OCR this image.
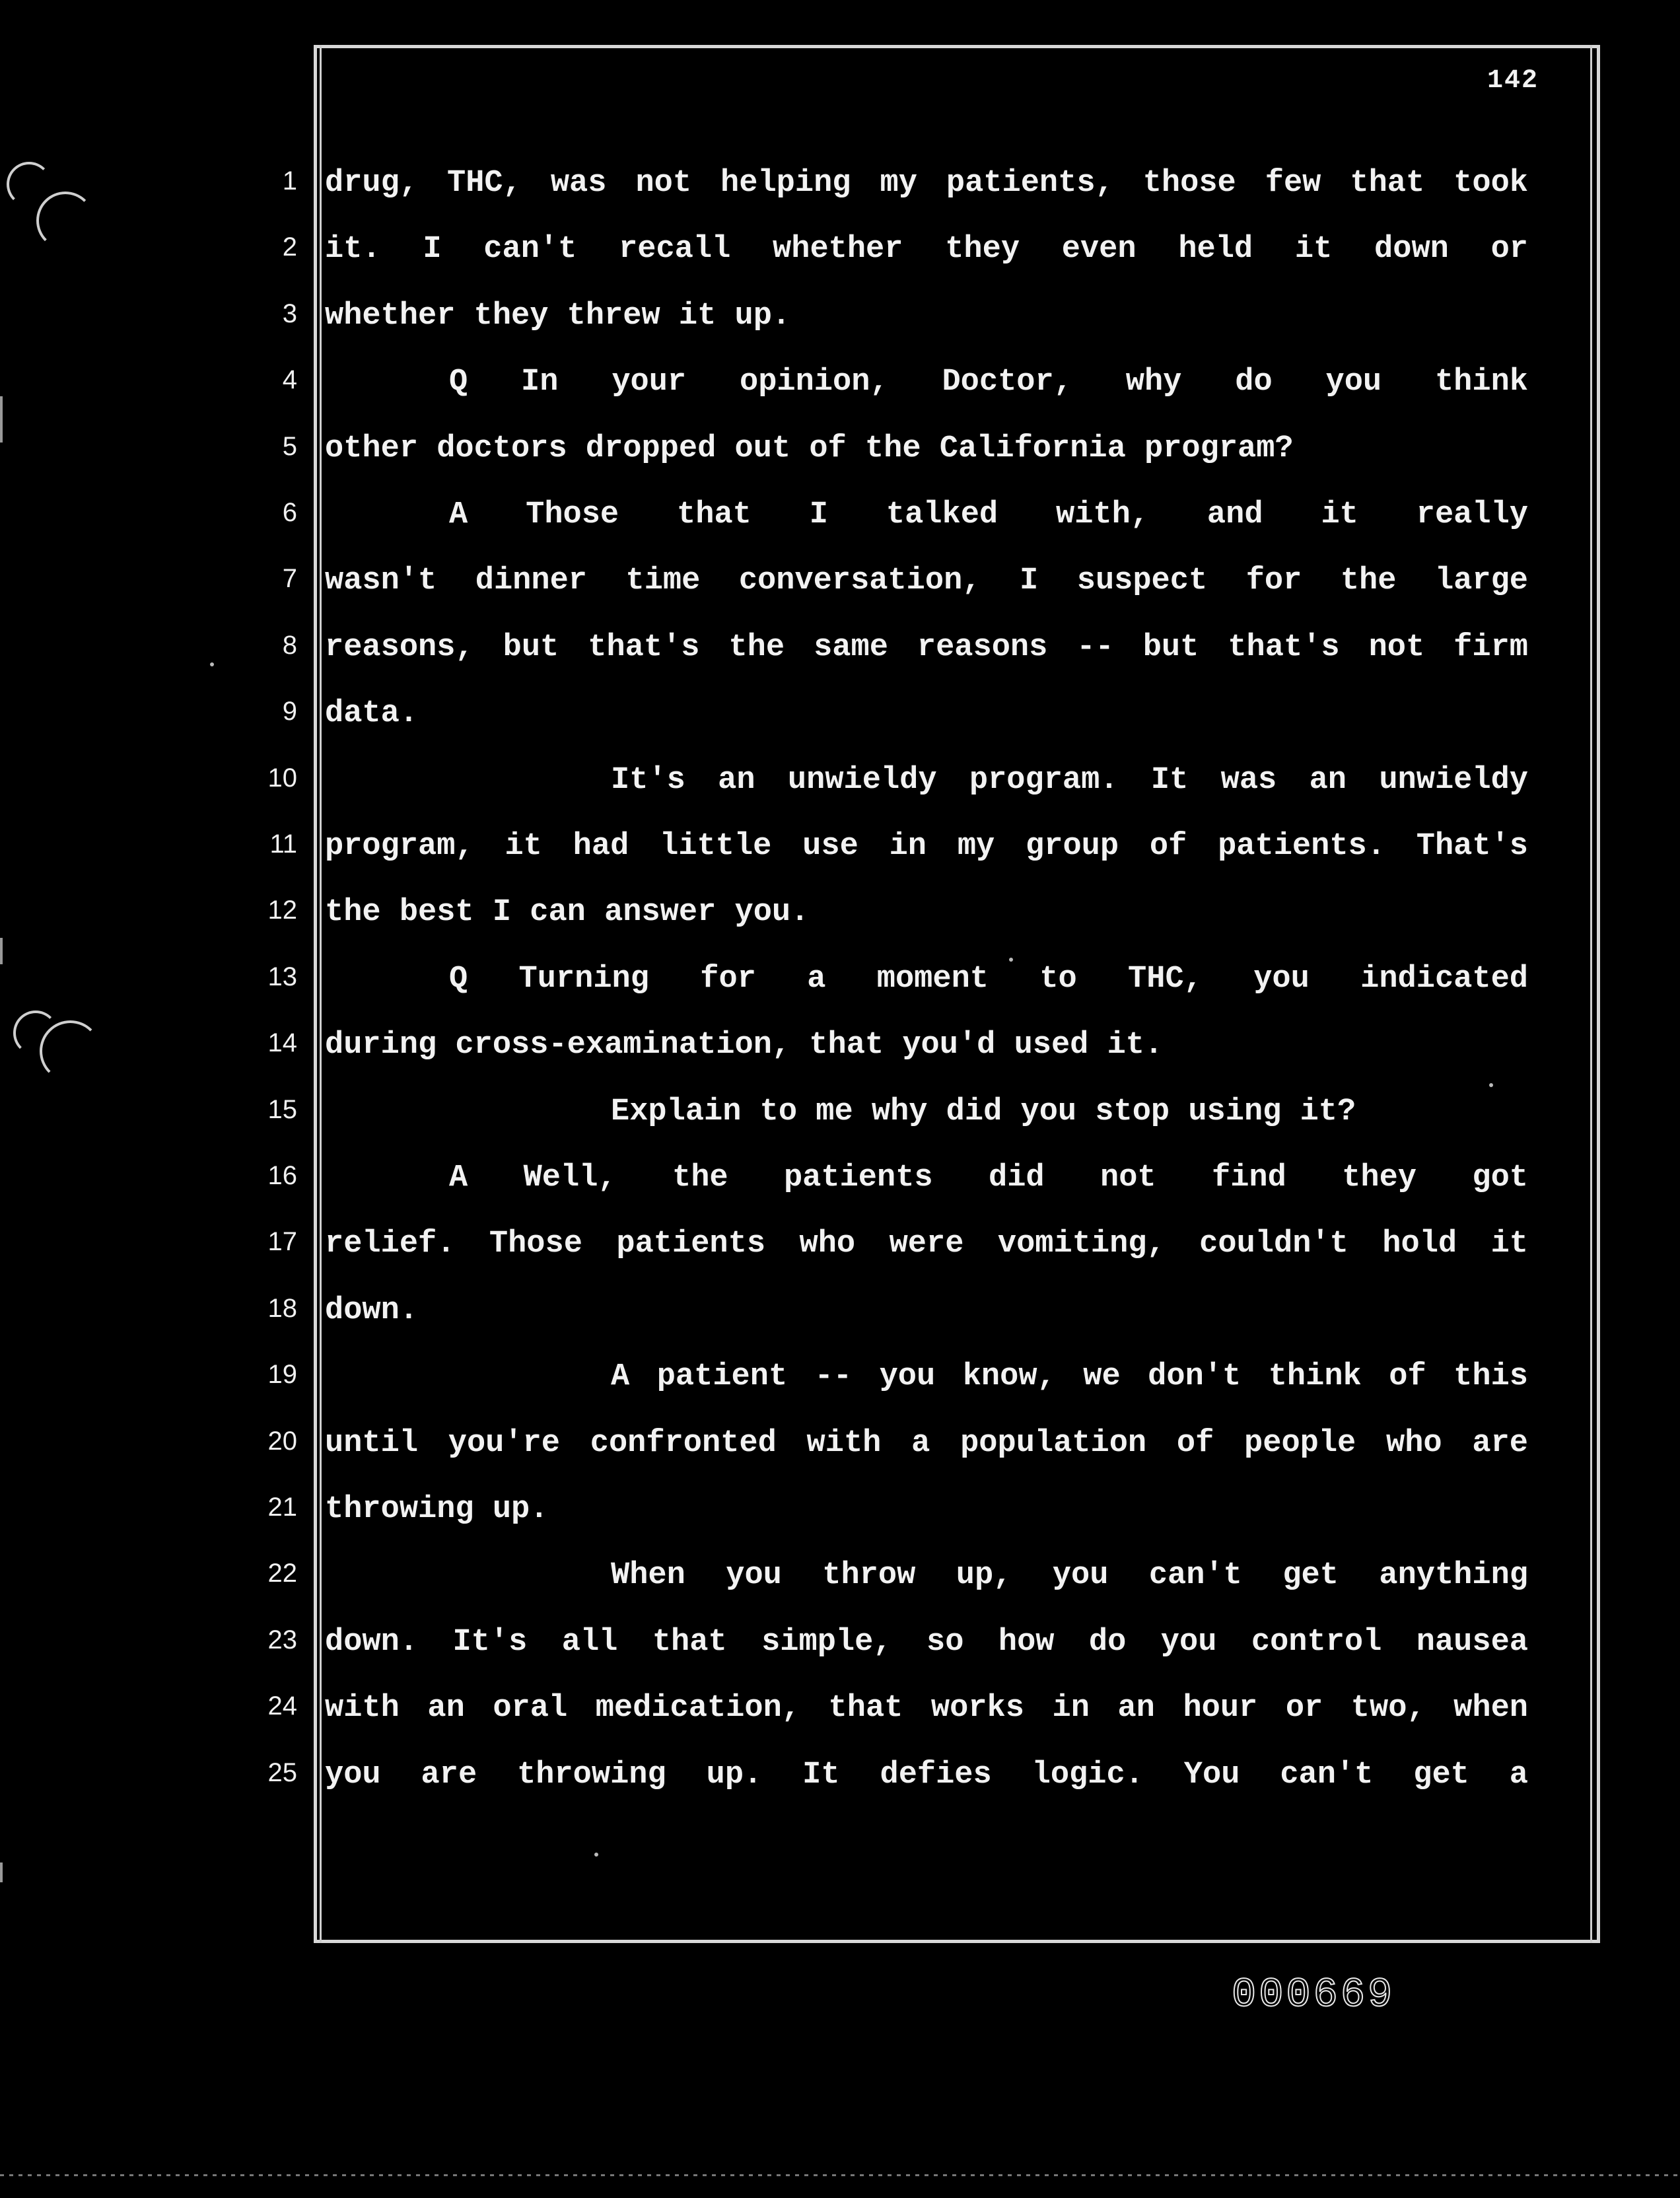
142
1 drug, THC, was not helping my patients, those few that took
2 it. I can't recall whether they even held it down or
3 whether they threw it up.
4	Q In your opinion, Doctor, why do you think
5 other doctors dropped out of the California program?
6	A Those that I talked with, and it really
7 wasn't dinner time conversation, I suspect for the large
8 reasons, but that's the same reasons -- but that's not firm
9 data.
10	It's an unwieldy program. It was an unwieldy
11 program, it had little use in my group of patients. That's
12 the best I can answer you.
13	Q Turning for a moment to THC, you indicated
14 during cross-examination, that you'd used it.
15	Explain to me why did you stop using it?
16	A Well, the patients did not find they got
17 relief. Those patients who were vomiting, couldn't hold it
18 down.
19	A patient -- you know, we don't think of this
20 until you're confronted with a population of people who are
21 throwing up.
22	When you throw up, you can't get anything
23 down. It's all that simple, so how do you control nausea
24 with an oral medication, that works in an hour or two, when
25 you are throwing up. It defies logic. You can't get a
000669
